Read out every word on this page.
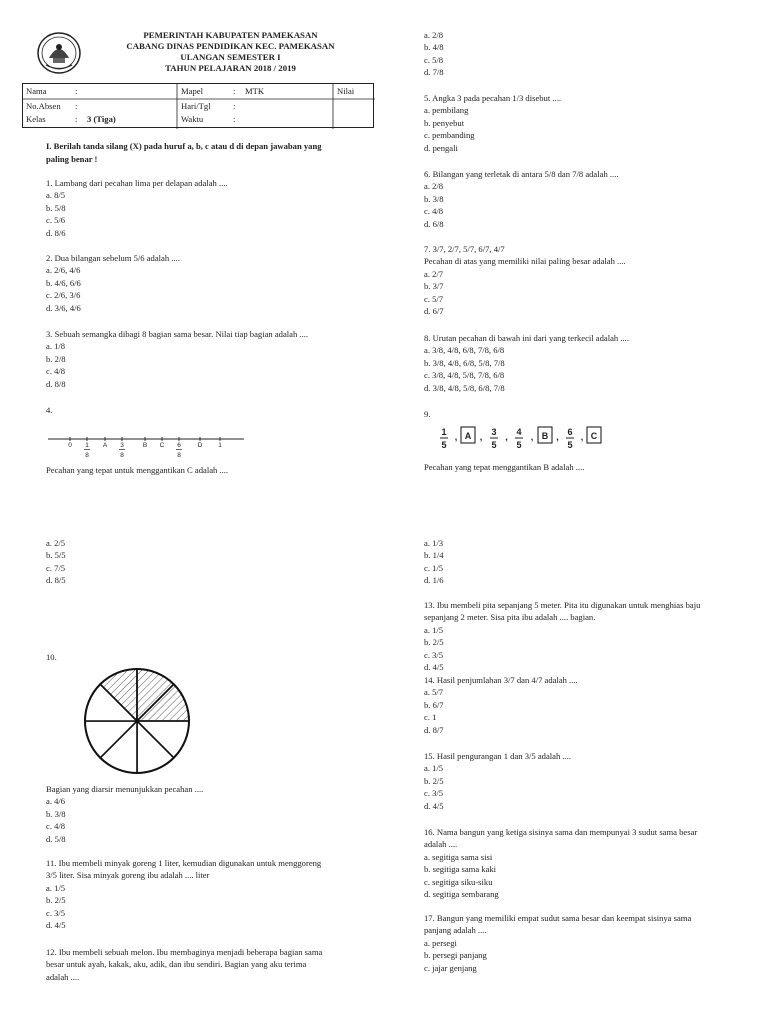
PEMERINTAH KABUPATEN PAMEKASAN
CABANG DINAS PENDIDIKAN KEC. PAMEKASAN
ULANGAN SEMESTER I
TAHUN PELAJARAN 2018 / 2019
Nama	:
No.Absen :
Kelas	: 3 (Tiga)
Mapel	: MTK
Hari/Tgl	:
Waktu	:
Nilai
I. Berilah tanda silang (X) pada huruf a, b, c atau d di depan jawaban yang
paling benar !
1. Lambang dari pecahan lima per delapan adalah ....
a. 8/5
b. 5/8
c. 5/6
d. 8/6
2. Dua bilangan sebelum 5/6 adalah ....
a. 2/6, 4/6
b. 4/6, 6/6
c. 2/6, 3/6
d. 3/6, 4/6
3. Sebuah semangka dibagi 8 bagian sama besar. Nilai tiap bagian adalah ....
a. 1/8
b. 2/8
c. 4/8
d. 8/8
4.
0 1 A 3	B C 6	D 1
8	8	8
Pecahan yang tepat untuk menggantikan C adalah ....
a. 2/5
b. 5/5
c. 7/5
d. 8/5
10.
Bagian yang diarsir menunjukkan pecahan ....
a. 4/6
b. 3/8
c. 4/8
d. 5/8
11. Ibu membeli minyak goreng 1 liter, kemudian digunakan untuk menggoreng
3/5 liter. Sisa minyak goreng ibu adalah .... liter
a. 1/5
b. 2/5
c. 3/5
d. 4/5
12. Ibu membeli sebuah melon. Ibu membaginya menjadi beberapa bagian sama
besar untuk ayah, kakak, aku, adik, dan ibu sendiri. Bagian yang aku terima
adalah ....
a. 2/8
b. 4/8
c. 5/8
d. 7/8
5. Angka 3 pada pecahan 1/3 disebut ....
a. pembilang
b. penyebut
c. pembanding
d. pengali
6. Bilangan yang terletak di antara 5/8 dan 7/8 adalah ....
a. 2/8
b. 3/8
c. 4/8
d. 6/8
7. 3/7, 2/7, 5/7, 6/7, 4/7
Pecahan di atas yang memiliki nilai paling besar adalah ....
a. 2/7
b. 3/7
c. 5/7
d. 6/7
8. Urutan pecahan di bawah ini dari yang terkecil adalah ....
a. 3/8, 4/8, 6/8, 7/8, 6/8
b. 3/8, 4/8, 6/8, 5/8, 7/8
c. 3/8, 4/8, 5/8, 7/8, 6/8
d. 3/8, 4/8, 5/8, 6/8, 7/8
9.
1
5
, A , 3
5
, 4
5
, B , 6
5
, C
Pecahan yang tepat menggantikan B adalah ....
a. 1/3
b. 1/4
c. 1/5
d. 1/6
13. Ibu membeli pita sepanjang 5 meter. Pita itu digunakan untuk menghias baju
sepanjang 2 meter. Sisa pita ibu adalah .... bagian.
a. 1/5
b. 2/5
c. 3/5
d. 4/5
14. Hasil penjumlahan 3/7 dan 4/7 adalah ....
a. 5/7
b. 6/7
c. 1
d. 8/7
15. Hasil pengurangan 1 dan 3/5 adalah ....
a. 1/5
b. 2/5
c. 3/5
d. 4/5
16. Nama bangun yang ketiga sisinya sama dan mempunyai 3 sudut sama besar
adalah ....
a. segitiga sama sisi
b. segitiga sama kaki
c. segitiga siku-siku
d. segitiga sembarang
17. Bangun yang memiliki empat sudut sama besar dan keempat sisinya sama
panjang adalah ....
a. persegi
b. persegi panjang
c. jajar genjang
